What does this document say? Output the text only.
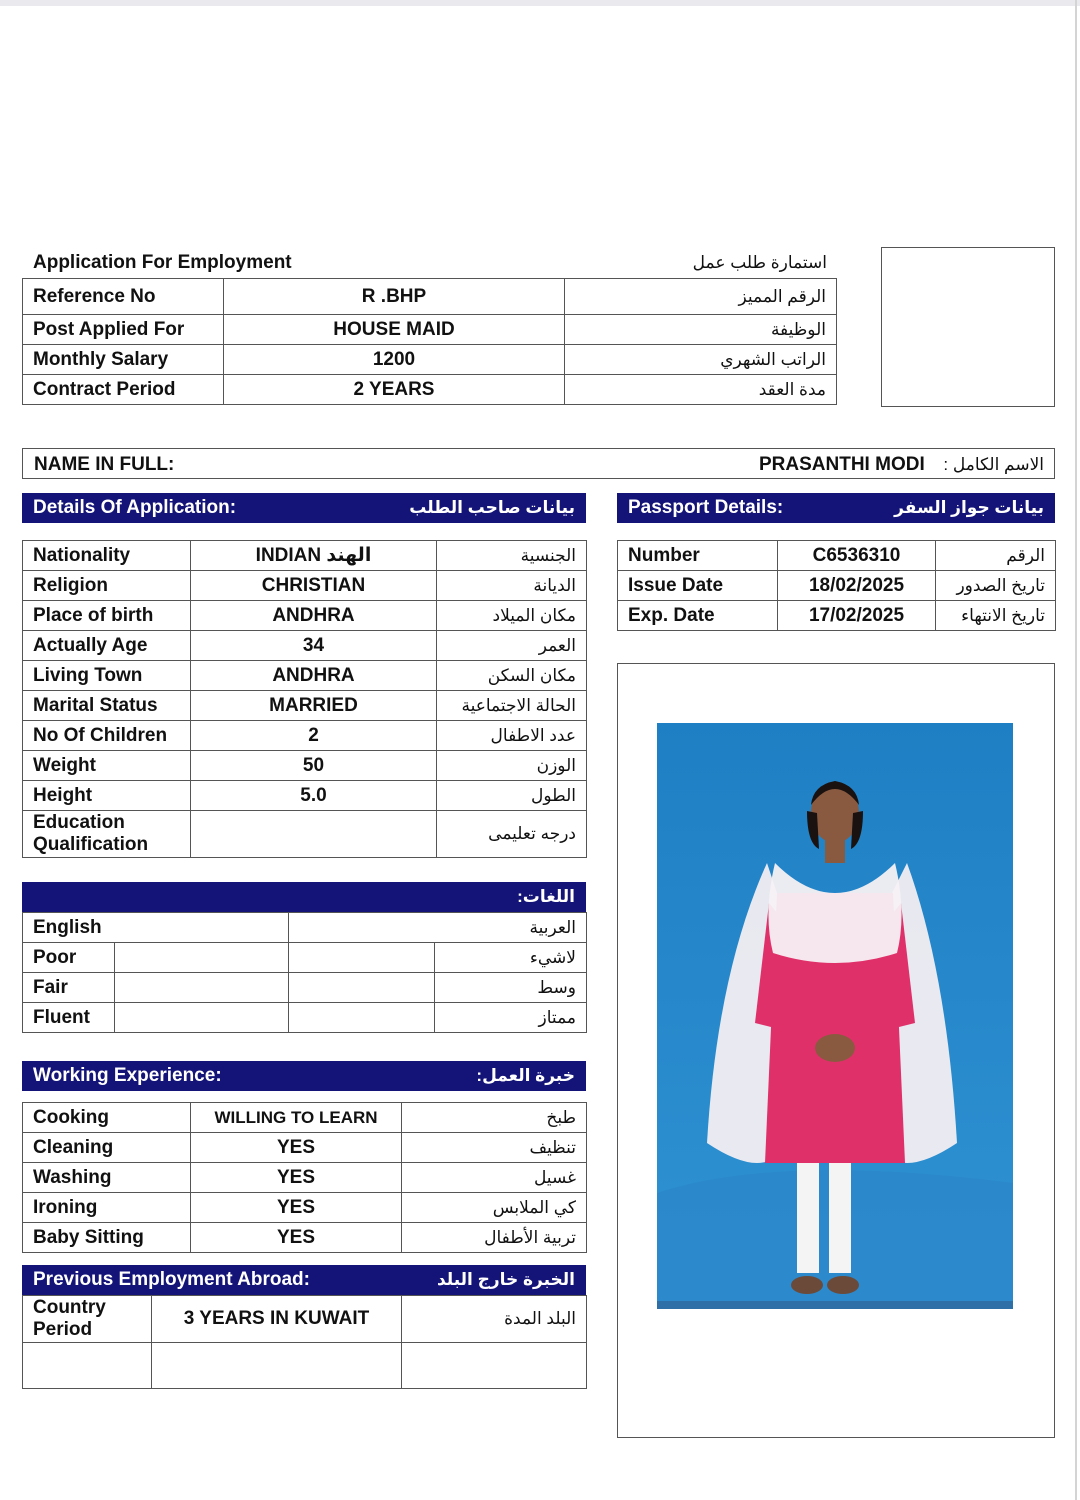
Application For Employment	استمارة طلب عمل
Reference No	R .BHP	الرقم المميز
Post Applied For	HOUSE MAID	الوظيفة
Monthly Salary	1200	الراتب الشهري
Contract Period	2 YEARS	مدة العقد
NAME IN FULL:	PRASANTHI MODI الاسم الكامل :
Details Of Application:	بيانات صاحب الطلب	Passport Details:	بيانات جواز السفر
Nationality	INDIAN الهند	الجنسية
Religion	CHRISTIAN	الديانة
Place of birth	ANDHRA	مكان الميلاد
Actually Age	34	العمر
Living Town	ANDHRA	مكان السكن
Marital Status	MARRIED	الحالة الاجتماعية
No Of Children	2	عدد الاطفال
Weight	50	الوزن
Height	5.0	الطول
Education Qualification		درجه تعليمى
Number	C6536310	الرقم
Issue Date	18/02/2025	تاريخ الصدور
Exp. Date	17/02/2025	تاريخ الانتهاء
اللغات:
English		العربية	
Poor			لاشيء
Fair			وسط
Fluent			ممتاز
Working Experience:	خبرة العمل:
Cooking	WILLING TO LEARN	طبخ
Cleaning	YES	تنظيف
Washing	YES	غسيل
Ironing	YES	كي الملابس
Baby Sitting	YES	تربية الأطفال
Previous Employment Abroad:	الخبرة خارج البلد
Country Period	3 YEARS IN KUWAIT	البلد المدة
